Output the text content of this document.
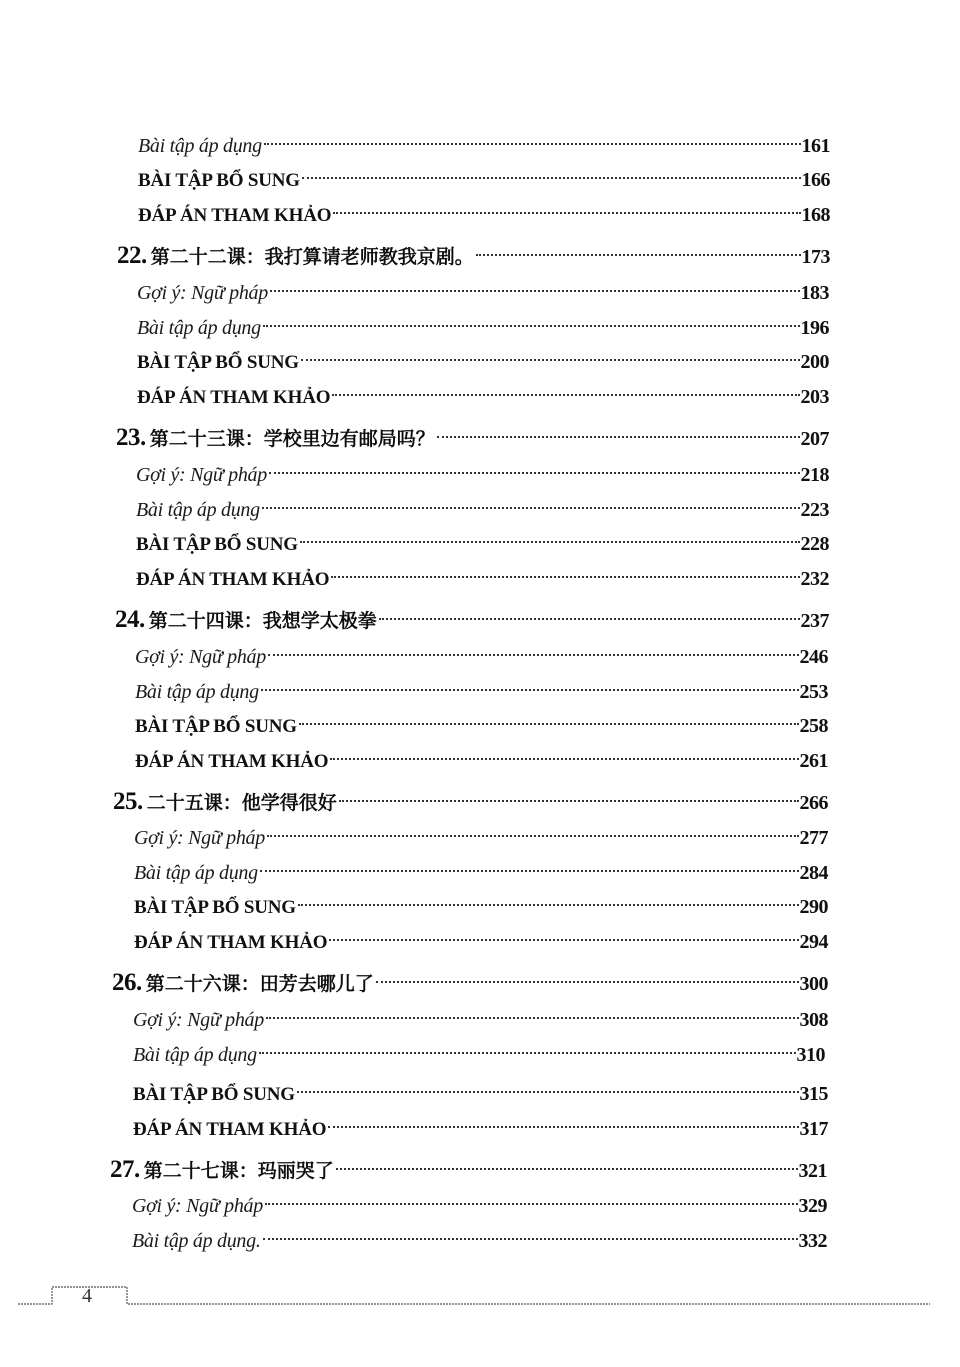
Bài tập áp dụng	161
BÀI TẬP BỔ SUNG	166
ĐÁP ÁN THAM KHẢO	168
22. 第二十二课：我打算请老师教我京剧。	173
Gợi ý: Ngữ pháp	183
Bài tập áp dụng	196
BÀI TẬP BỔ SUNG	200
ĐÁP ÁN THAM KHẢO	203
23. 第二十三课：学校里边有邮局吗？	207
Gợi ý: Ngữ pháp	218
Bài tập áp dụng	223
BÀI TẬP BỔ SUNG	228
ĐÁP ÁN THAM KHẢO	232
24. 第二十四课：我想学太极拳	237
Gợi ý: Ngữ pháp	246
Bài tập áp dụng	253
BÀI TẬP BỔ SUNG	258
ĐÁP ÁN THAM KHẢO	261
25. 二十五课：他学得很好	266
Gợi ý: Ngữ pháp	277
Bài tập áp dụng	284
BÀI TẬP BỔ SUNG	290
ĐÁP ÁN THAM KHẢO	294
26. 第二十六课：田芳去哪儿了	300
Gợi ý: Ngữ pháp	308
Bài tập áp dụng	310
BÀI TẬP BỔ SUNG	315
ĐÁP ÁN THAM KHẢO	317
27. 第二十七课：玛丽哭了	321
Gợi ý: Ngữ pháp	329
Bài tập áp dụng.	332
4
